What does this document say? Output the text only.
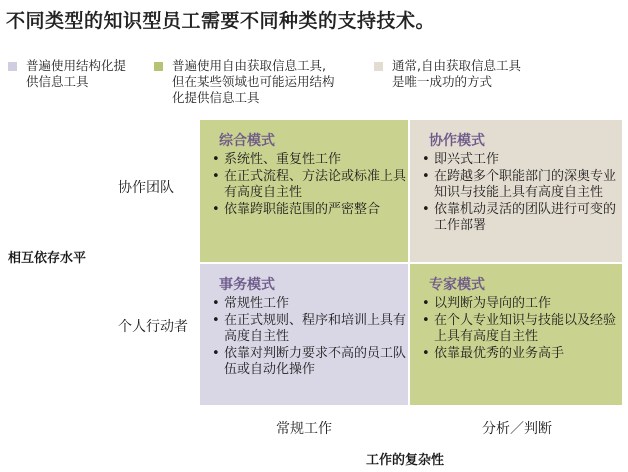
不同类型的知识型员工需要不同种类的支持技术。
普遍使用结构化提
供信息工具
普遍使用自由获取信息工具,
但在某些领域也可能运用结构
化提供信息工具
通常,自由获取信息工具
是唯一成功的方式
相互依存水平
协作团队
个人行动者
综合模式
• 系统性、重复性工作
• 在正式流程、方法论或标准上具有高度自主性
• 依靠跨职能范围的严密整合
协作模式
• 即兴式工作
• 在跨越多个职能部门的深奥专业知识与技能上具有高度自主性
• 依靠机动灵活的团队进行可变的工作部署
事务模式
• 常规性工作
• 在正式规则、程序和培训上具有高度自主性
• 依靠对判断力要求不高的员工队伍或自动化操作
专家模式
• 以判断为导向的工作
• 在个人专业知识与技能以及经验上具有高度自主性
• 依靠最优秀的业务高手
常规工作	分析／判断
工作的复杂性
